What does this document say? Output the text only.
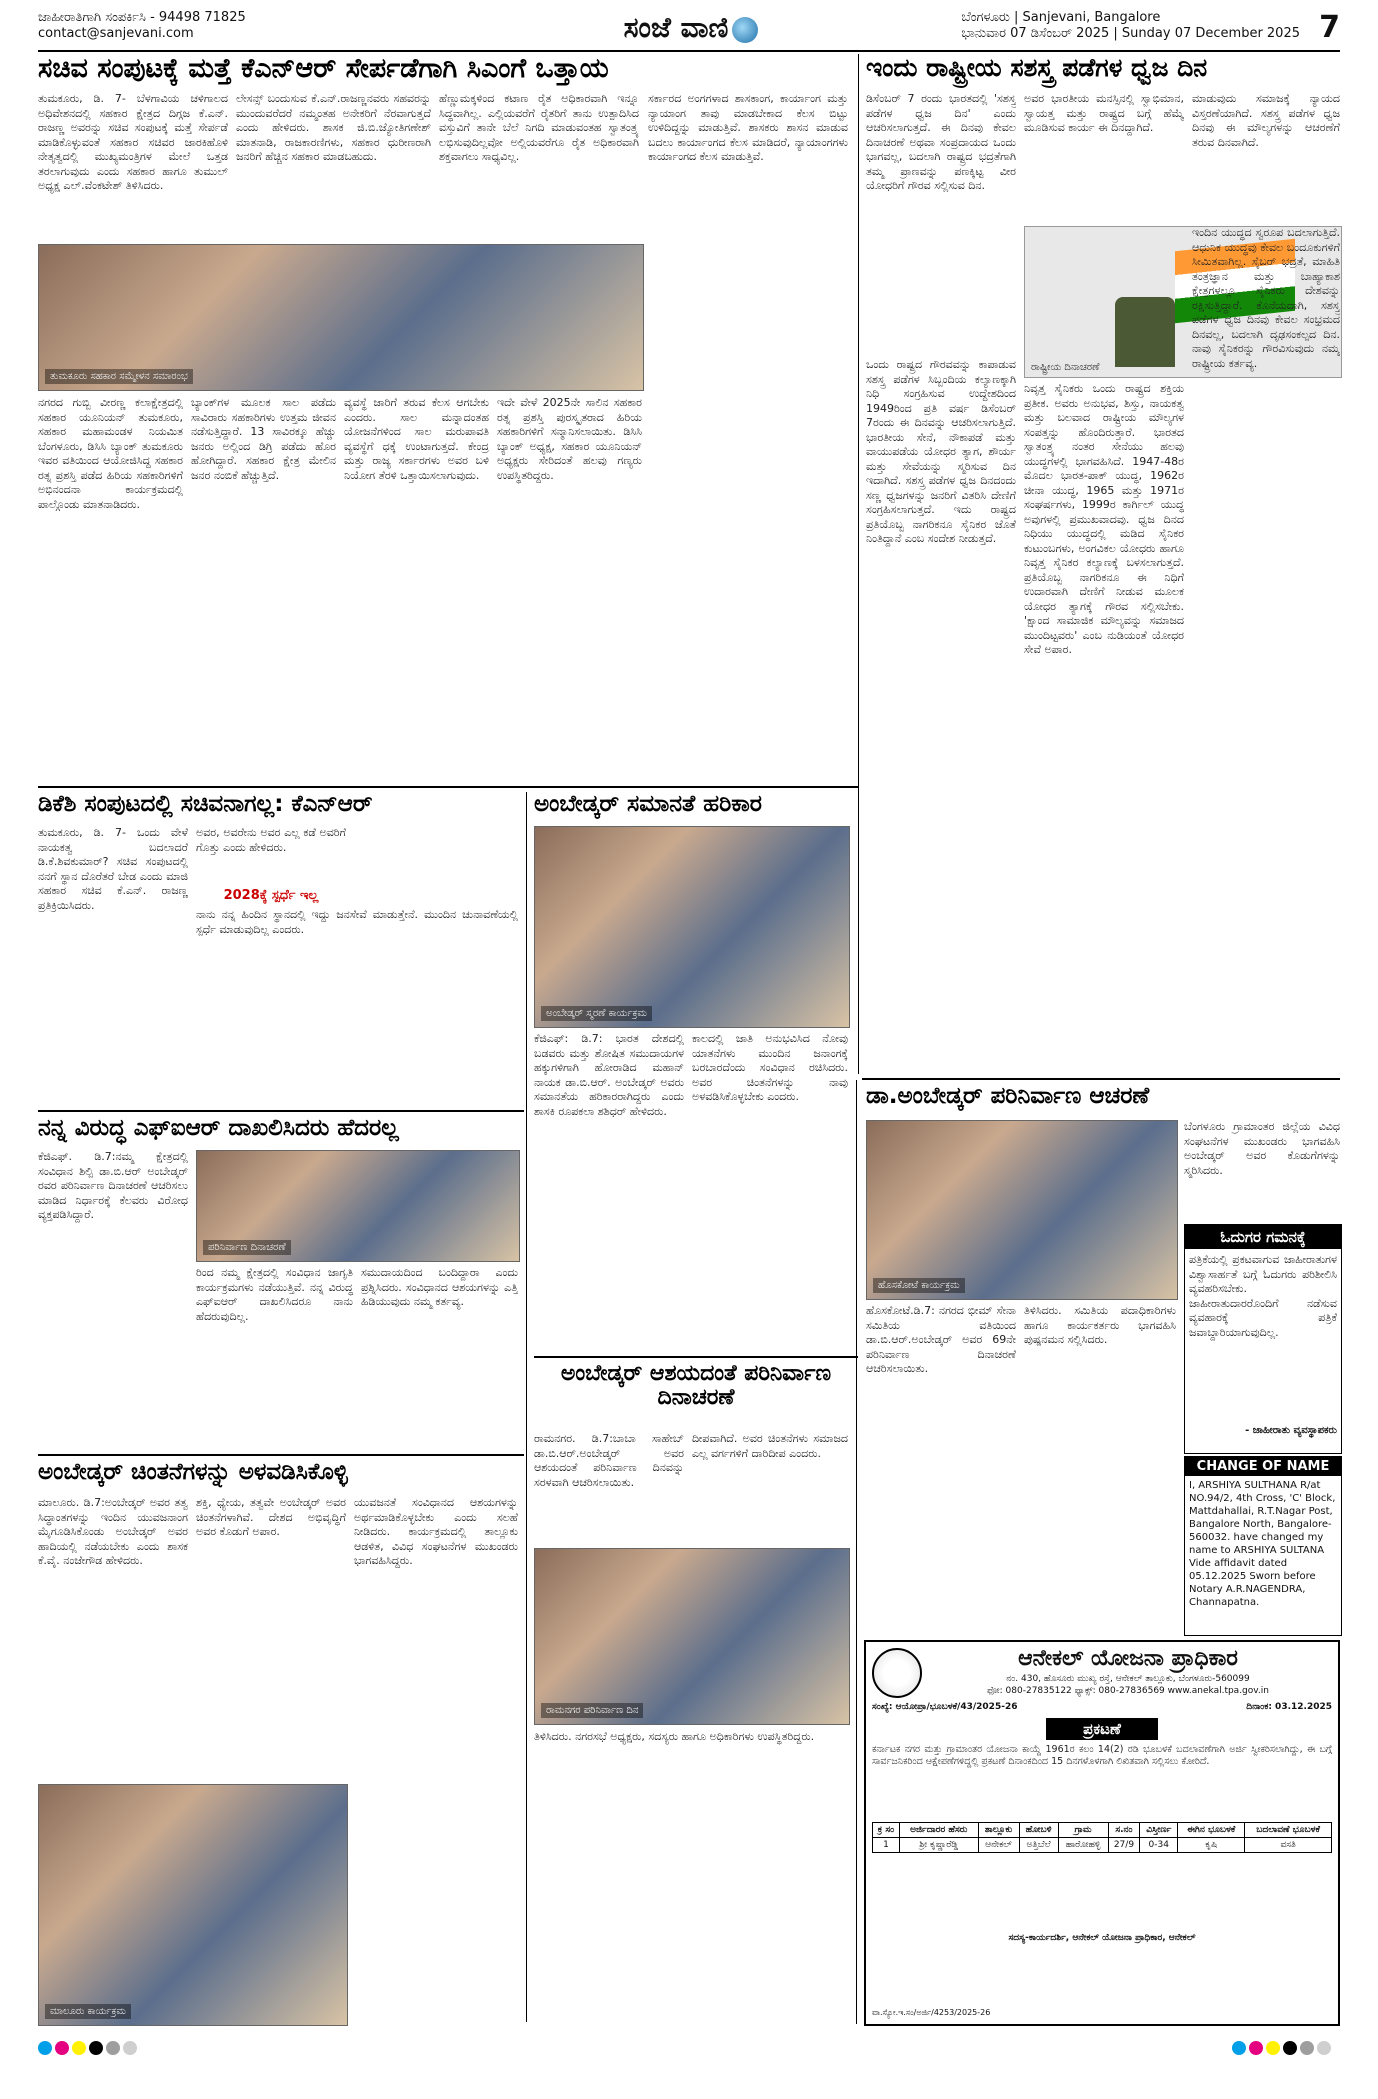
ಜಾಹೀರಾತಿಗಾಗಿ ಸಂಪರ್ಕಿಸಿ - 94498 71825
contact@sanjevani.com	ಸಂಜೆ ವಾಣಿ	ಬೆಂಗಳೂರು | Sanjevani, Bangalore
ಭಾನುವಾರ 07 ಡಿಸೆಂಬರ್ 2025 | Sunday 07 December 2025 7
ಸಚಿವ ಸಂಪುಟಕ್ಕೆ ಮತ್ತೆ ಕೆಎನ್‌ಆರ್ ಸೇರ್ಪಡೆಗಾಗಿ ಸಿಎಂಗೆ ಒತ್ತಾಯ
ತುಮಕೂರು, ಡಿ. 7- ಬೆಳಗಾವಿಯ ಚಳಿಗಾಲದ ಅಧಿವೇಶನದಲ್ಲಿ ಸಹಕಾರ ಕ್ಷೇತ್ರದ ದಿಗ್ಗಜ ಕೆ.ಎನ್. ರಾಜಣ್ಣ ಅವರನ್ನು ಸಚಿವ ಸಂಪುಟಕ್ಕೆ ಮತ್ತೆ ಸೇರ್ಪಡೆ ಮಾಡಿಕೊಳ್ಳುವಂತೆ ಸಹಕಾರ ಸಚಿವರ ಜಾರಕಿಹೊಳಿ ನೇತೃತ್ವದಲ್ಲಿ ಮುಖ್ಯಮಂತ್ರಿಗಳ ಮೇಲೆ ಒತ್ತಡ ತರಲಾಗುವುದು ಎಂದು ಸಹಕಾರ ಹಾಗೂ ತುಮುಲ್ ಅಧ್ಯಕ್ಷ ಎಲ್.ವೆಂಕಟೇಶ್ ತಿಳಿಸಿದರು.
ಲೇಸನ್ಸ್ ಬಂದುಸುವ ಕೆ.ಎನ್.ರಾಜಣ್ಣನವರು ಸಹವರನ್ನು ಮುಂದುವರೆದರೆ ನಮ್ಮಂತಹ ಅನೇಕರಿಗೆ ನೆರವಾಗುತ್ತದೆ ಎಂದು ಹೇಳಿದರು. ಶಾಸಕ ಜಿ.ಬಿ.ಜ್ಯೋತಿಗಣೇಶ್ ಮಾತನಾಡಿ, ರಾಜಕಾರಣಿಗಳು, ಸಹಕಾರ ಧುರೀಣರಾಗಿ ಜನರಿಗೆ ಹೆಚ್ಚಿನ ಸಹಕಾರ ಮಾಡಬಹುದು.
ಹೆಣ್ಣುಮಕ್ಕಳಿಂದ ಕಟಾಣ ರೈತ ಅಧಿಕಾರವಾಗಿ ಇನ್ನೂ ಸಿದ್ಧವಾಗಿಲ್ಲ. ಎಲ್ಲಿಯವರೆಗೆ ರೈತರಿಗೆ ತಾನು ಉತ್ಪಾದಿಸಿದ ವಸ್ತುವಿಗೆ ತಾನೇ ಬೆಲೆ ನಿಗದಿ ಮಾಡುವಂತಹ ಸ್ವಾತಂತ್ರ್ಯ ಲಭಿಸುವುದಿಲ್ಲವೋ ಅಲ್ಲಿಯವರೆಗೂ ರೈತ ಅಧಿಕಾರವಾಗಿ ಶಕ್ತವಾಗಲು ಸಾಧ್ಯವಿಲ್ಲ.
ಸರ್ಕಾರದ ಅಂಗಗಳಾದ ಶಾಸಕಾಂಗ, ಕಾರ್ಯಾಂಗ ಮತ್ತು ನ್ಯಾಯಾಂಗ ತಾವು ಮಾಡಬೇಕಾದ ಕೆಲಸ ಬಿಟ್ಟು ಉಳಿದಿದ್ದನ್ನು ಮಾಡುತ್ತಿವೆ. ಶಾಸಕರು ಶಾಸನ ಮಾಡುವ ಬದಲು ಕಾರ್ಯಾಂಗದ ಕೆಲಸ ಮಾಡಿದರೆ, ನ್ಯಾಯಾಂಗಗಳು ಕಾರ್ಯಾಂಗದ ಕೆಲಸ ಮಾಡುತ್ತಿವೆ.
ತುಮಕೂರು ಸಹಕಾರ ಸಮ್ಮೇಳನ ಸಮಾರಂಭ
ನಗರದ ಗುಬ್ಬಿ ವೀರಣ್ಣ ಕಲಾಕ್ಷೇತ್ರದಲ್ಲಿ ಸಹಕಾರ ಯೂನಿಯನ್ ತುಮಕೂರು, ಸಹಕಾರ ಮಹಾಮಂಡಳ ನಿಯಮಿತ ಬೆಂಗಳೂರು, ಡಿಸಿಸಿ ಬ್ಯಾಂಕ್ ತುಮಕೂರು ಇವರ ವತಿಯಿಂದ ಆಯೋಜಿಸಿದ್ದ ಸಹಕಾರ ರತ್ನ ಪ್ರಶಸ್ತಿ ಪಡೆದ ಹಿರಿಯ ಸಹಕಾರಿಗಳಿಗೆ ಅಭಿನಂದನಾ ಕಾರ್ಯಕ್ರಮದಲ್ಲಿ ಪಾಲ್ಗೊಂಡು ಮಾತನಾಡಿದರು.
ಬ್ಯಾಂಕ್‌ಗಳ ಮೂಲಕ ಸಾಲ ಪಡೆದು ಸಾವಿರಾರು ಸಹಕಾರಿಗಳು ಉತ್ತಮ ಜೀವನ ನಡೆಸುತ್ತಿದ್ದಾರೆ. 13 ಸಾವಿರಕ್ಕೂ ಹೆಚ್ಚು ಜನರು ಅಲ್ಲಿಂದ ಡಿಗ್ರಿ ಪಡೆದು ಹೊರ ಹೋಗಿದ್ದಾರೆ. ಸಹಕಾರ ಕ್ಷೇತ್ರ ಮೇಲಿನ ಜನರ ನಂಬಿಕೆ ಹೆಚ್ಚುತ್ತಿದೆ.
ವ್ಯವಸ್ಥೆ ಜಾರಿಗೆ ತರುವ ಕೆಲಸ ಆಗಬೇಕು ಎಂದರು. ಸಾಲ ಮನ್ನಾದಂತಹ ಯೋಜನೆಗಳಿಂದ ಸಾಲ ಮರುಪಾವತಿ ವ್ಯವಸ್ಥೆಗೆ ಧಕ್ಕೆ ಉಂಟಾಗುತ್ತದೆ. ಕೇಂದ್ರ ಮತ್ತು ರಾಜ್ಯ ಸರ್ಕಾರಗಳು ಅವರ ಬಳಿ ನಿಯೋಗ ತೆರಳಿ ಒತ್ತಾಯಿಸಲಾಗುವುದು.
ಇದೇ ವೇಳೆ 2025ನೇ ಸಾಲಿನ ಸಹಕಾರ ರತ್ನ ಪ್ರಶಸ್ತಿ ಪುರಸ್ಕೃತರಾದ ಹಿರಿಯ ಸಹಕಾರಿಗಳಿಗೆ ಸನ್ಮಾನಿಸಲಾಯಿತು. ಡಿಸಿಸಿ ಬ್ಯಾಂಕ್ ಅಧ್ಯಕ್ಷ, ಸಹಕಾರ ಯೂನಿಯನ್ ಅಧ್ಯಕ್ಷರು ಸೇರಿದಂತೆ ಹಲವು ಗಣ್ಯರು ಉಪಸ್ಥಿತರಿದ್ದರು.
ಇಂದು ರಾಷ್ಟ್ರೀಯ ಸಶಸ್ತ್ರ ಪಡೆಗಳ ಧ್ವಜ ದಿನ
ಡಿಸೆಂಬರ್ 7 ರಂದು ಭಾರತದಲ್ಲಿ 'ಸಶಸ್ತ್ರ ಪಡೆಗಳ ಧ್ವಜ ದಿನ' ಎಂದು ಆಚರಿಸಲಾಗುತ್ತದೆ. ಈ ದಿನವು ಕೇವಲ ದಿನಾಚರಣೆ ಅಥವಾ ಸಂಪ್ರದಾಯದ ಒಂದು ಭಾಗವಲ್ಲ, ಬದಲಾಗಿ ರಾಷ್ಟ್ರದ ಭದ್ರತೆಗಾಗಿ ತಮ್ಮ ಪ್ರಾಣವನ್ನು ಪಣಕ್ಕಿಟ್ಟ ವೀರ ಯೋಧರಿಗೆ ಗೌರವ ಸಲ್ಲಿಸುವ ದಿನ.
ಅವರ ಭಾರತೀಯ ಮನಸ್ಸಿನಲ್ಲಿ ಸ್ವಾಭಿಮಾನ, ಸ್ವಾಯತ್ತ ಮತ್ತು ರಾಷ್ಟ್ರದ ಬಗ್ಗೆ ಹೆಮ್ಮೆ ಮೂಡಿಸುವ ಕಾರ್ಯ ಈ ದಿನದ್ದಾಗಿದೆ.
ಮಾಡುವುದು ಸಮಾಜಕ್ಕೆ ನ್ಯಾಯದ ವಿಸ್ತರಣೆಯಾಗಿದೆ. ಸಶಸ್ತ್ರ ಪಡೆಗಳ ಧ್ವಜ ದಿನವು ಈ ಮೌಲ್ಯಗಳನ್ನು ಆಚರಣೆಗೆ ತರುವ ದಿನವಾಗಿದೆ.
ರಾಷ್ಟ್ರೀಯ ದಿನಾಚರಣೆ
ಒಂದು ರಾಷ್ಟ್ರದ ಗೌರವವನ್ನು ಕಾಪಾಡುವ ಸಶಸ್ತ್ರ ಪಡೆಗಳ ಸಿಬ್ಬಂದಿಯ ಕಲ್ಯಾಣಕ್ಕಾಗಿ ನಿಧಿ ಸಂಗ್ರಹಿಸುವ ಉದ್ದೇಶದಿಂದ 1949ರಿಂದ ಪ್ರತಿ ವರ್ಷ ಡಿಸೆಂಬರ್ 7ರಂದು ಈ ದಿನವನ್ನು ಆಚರಿಸಲಾಗುತ್ತಿದೆ. ಭಾರತೀಯ ಸೇನೆ, ನೌಕಾಪಡೆ ಮತ್ತು ವಾಯುಪಡೆಯ ಯೋಧರ ತ್ಯಾಗ, ಶೌರ್ಯ ಮತ್ತು ಸೇವೆಯನ್ನು ಸ್ಮರಿಸುವ ದಿನ ಇದಾಗಿದೆ. ಸಶಸ್ತ್ರ ಪಡೆಗಳ ಧ್ವಜ ದಿನದಂದು ಸಣ್ಣ ಧ್ವಜಗಳನ್ನು ಜನರಿಗೆ ವಿತರಿಸಿ ದೇಣಿಗೆ ಸಂಗ್ರಹಿಸಲಾಗುತ್ತದೆ. ಇದು ರಾಷ್ಟ್ರದ ಪ್ರತಿಯೊಬ್ಬ ನಾಗರಿಕನೂ ಸೈನಿಕರ ಜೊತೆ ನಿಂತಿದ್ದಾನೆ ಎಂಬ ಸಂದೇಶ ನೀಡುತ್ತದೆ.
ನಿವೃತ್ತ ಸೈನಿಕರು ಒಂದು ರಾಷ್ಟ್ರದ ಶಕ್ತಿಯ ಪ್ರತೀಕ. ಅವರು ಅನುಭವ, ಶಿಸ್ತು, ನಾಯಕತ್ವ ಮತ್ತು ಬಲವಾದ ರಾಷ್ಟ್ರೀಯ ಮೌಲ್ಯಗಳ ಸಂಪತ್ತನ್ನು ಹೊಂದಿರುತ್ತಾರೆ. ಭಾರತದ ಸ್ವಾತಂತ್ರ್ಯ ನಂತರ ಸೇನೆಯು ಹಲವು ಯುದ್ಧಗಳಲ್ಲಿ ಭಾಗವಹಿಸಿದೆ. 1947-48ರ ಮೊದಲ ಭಾರತ-ಪಾಕ್ ಯುದ್ಧ, 1962ರ ಚೀನಾ ಯುದ್ಧ, 1965 ಮತ್ತು 1971ರ ಸಂಘರ್ಷಗಳು, 1999ರ ಕಾರ್ಗಿಲ್ ಯುದ್ಧ ಅವುಗಳಲ್ಲಿ ಪ್ರಮುಖವಾದವು. ಧ್ವಜ ದಿನದ ನಿಧಿಯು ಯುದ್ಧದಲ್ಲಿ ಮಡಿದ ಸೈನಿಕರ ಕುಟುಂಬಗಳು, ಅಂಗವಿಕಲ ಯೋಧರು ಹಾಗೂ ನಿವೃತ್ತ ಸೈನಿಕರ ಕಲ್ಯಾಣಕ್ಕೆ ಬಳಸಲಾಗುತ್ತದೆ. ಪ್ರತಿಯೊಬ್ಬ ನಾಗರಿಕನೂ ಈ ನಿಧಿಗೆ ಉದಾರವಾಗಿ ದೇಣಿಗೆ ನೀಡುವ ಮೂಲಕ ಯೋಧರ ತ್ಯಾಗಕ್ಕೆ ಗೌರವ ಸಲ್ಲಿಸಬೇಕು. 'ಕ್ಷಾಂದ ಸಾಮಾಜಿಕ ಮೌಲ್ಯವನ್ನು ಸಮಾಜದ ಮುಂದಿಟ್ಟವರು' ಎಂಬ ನುಡಿಯಂತೆ ಯೋಧರ ಸೇವೆ ಅಪಾರ.
ಇಂದಿನ ಯುದ್ಧದ ಸ್ವರೂಪ ಬದಲಾಗುತ್ತಿದೆ. ಆಧುನಿಕ ಯುದ್ಧವು ಕೇವಲ ಬಂದೂಕುಗಳಿಗೆ ಸೀಮಿತವಾಗಿಲ್ಲ. ಸೈಬರ್ ಭದ್ರತೆ, ಮಾಹಿತಿ ತಂತ್ರಜ್ಞಾನ ಮತ್ತು ಬಾಹ್ಯಾಕಾಶ ಕ್ಷೇತ್ರಗಳಲ್ಲೂ ಸೈನಿಕರು ದೇಶವನ್ನು ರಕ್ಷಿಸುತ್ತಿದ್ದಾರೆ. ಕೊನೆಯದಾಗಿ, ಸಶಸ್ತ್ರ ಪಡೆಗಳ ಧ್ವಜ ದಿನವು ಕೇವಲ ಸಂಭ್ರಮದ ದಿನವಲ್ಲ, ಬದಲಾಗಿ ದೃಢಸಂಕಲ್ಪದ ದಿನ. ನಾವು ಸೈನಿಕರನ್ನು ಗೌರವಿಸುವುದು ನಮ್ಮ ರಾಷ್ಟ್ರೀಯ ಕರ್ತವ್ಯ.
ಡಿಕೆಶಿ ಸಂಪುಟದಲ್ಲಿ ಸಚಿವನಾಗಲ್ಲ: ಕೆಎನ್‌ಆರ್
ತುಮಕೂರು, ಡಿ. 7- ಒಂದು ವೇಳೆ ನಾಯಕತ್ವ ಬದಲಾದರೆ ಡಿ.ಕೆ.ಶಿವಕುಮಾರ್? ಸಚಿವ ಸಂಪುಟದಲ್ಲಿ ನನಗೆ ಸ್ಥಾನ ದೊರೆತರೆ ಬೇಡ ಎಂದು ಮಾಜಿ ಸಹಕಾರ ಸಚಿವ ಕೆ.ಎನ್. ರಾಜಣ್ಣ ಪ್ರತಿಕ್ರಿಯಿಸಿದರು.
ಅವರ, ಅವರೇನು ಅವರ ಎಲ್ಲ ಕಡೆ ಅವರಿಗೆ ಗೊತ್ತು ಎಂದು ಹೇಳಿದರು.
2028ಕ್ಕೆ ಸ್ಪರ್ಧೆ ಇಲ್ಲ
ನಾನು ನನ್ನ ಹಿಂದಿನ ಸ್ಥಾನದಲ್ಲಿ ಇದ್ದು ಜನಸೇವೆ ಮಾಡುತ್ತೇನೆ. ಮುಂದಿನ ಚುನಾವಣೆಯಲ್ಲಿ ಸ್ಪರ್ಧೆ ಮಾಡುವುದಿಲ್ಲ ಎಂದರು.
ಅಂಬೇಡ್ಕರ್ ಸಮಾನತೆ ಹರಿಕಾರ
ಅಂಬೇಡ್ಕರ್ ಸ್ಮರಣೆ ಕಾರ್ಯಕ್ರಮ
ಕೆಜಿಎಫ್: ಡಿ.7: ಭಾರತ ದೇಶದಲ್ಲಿ ಬಡವರು ಮತ್ತು ಶೋಷಿತ ಸಮುದಾಯಗಳ ಹಕ್ಕುಗಳಿಗಾಗಿ ಹೋರಾಡಿದ ಮಹಾನ್ ನಾಯಕ ಡಾ.ಬಿ.ಆರ್. ಅಂಬೇಡ್ಕರ್ ಅವರು ಸಮಾನತೆಯ ಹರಿಕಾರರಾಗಿದ್ದರು ಎಂದು ಶಾಸಕಿ ರೂಪಕಲಾ ಶಶಿಧರ್ ಹೇಳಿದರು.
ಕಾಲದಲ್ಲಿ ಜಾತಿ ಅನುಭವಿಸಿದ ನೋವು ಯಾತನೆಗಳು ಮುಂದಿನ ಜನಾಂಗಕ್ಕೆ ಬರಬಾರದೆಂದು ಸಂವಿಧಾನ ರಚಿಸಿದರು. ಅವರ ಚಿಂತನೆಗಳನ್ನು ನಾವು ಅಳವಡಿಸಿಕೊಳ್ಳಬೇಕು ಎಂದರು.
ನನ್ನ ವಿರುದ್ಧ ಎಫ್‌ಐಆರ್ ದಾಖಲಿಸಿದರು ಹೆದರಲ್ಲ
ಕೆಜಿಎಫ್. ಡಿ.7:ನಮ್ಮ ಕ್ಷೇತ್ರದಲ್ಲಿ ಸಂವಿಧಾನ ಶಿಲ್ಪಿ ಡಾ.ಬಿ.ಆರ್ ಅಂಬೇಡ್ಕರ್ ರವರ ಪರಿನಿರ್ವಾಣ ದಿನಾಚರಣೆ ಆಚರಿಸಲು ಮಾಡಿದ ನಿರ್ಧಾರಕ್ಕೆ ಕೆಲವರು ವಿರೋಧ ವ್ಯಕ್ತಪಡಿಸಿದ್ದಾರೆ.
ಪರಿನಿರ್ವಾಣ ದಿನಾಚರಣೆ
ರಿಂದ ನಮ್ಮ ಕ್ಷೇತ್ರದಲ್ಲಿ ಸಂವಿಧಾನ ಜಾಗೃತಿ ಕಾರ್ಯಕ್ರಮಗಳು ನಡೆಯುತ್ತಿವೆ. ನನ್ನ ವಿರುದ್ಧ ಎಫ್‌ಐಆರ್ ದಾಖಲಿಸಿದರೂ ನಾನು ಹೆದರುವುದಿಲ್ಲ.
ಸಮುದಾಯದಿಂದ ಬಂದಿದ್ದಾರಾ ಎಂದು ಪ್ರಶ್ನಿಸಿದರು. ಸಂವಿಧಾನದ ಆಶಯಗಳನ್ನು ಎತ್ತಿ ಹಿಡಿಯುವುದು ನಮ್ಮ ಕರ್ತವ್ಯ.
ಅಂಬೇಡ್ಕರ್ ಚಿಂತನೆಗಳನ್ನು ಅಳವಡಿಸಿಕೊಳ್ಳಿ
ಮಾಲೂರು. ಡಿ.7:ಅಂಬೇಡ್ಕರ್ ಅವರ ತತ್ವ ಸಿದ್ಧಾಂತಗಳನ್ನು ಇಂದಿನ ಯುವಜನಾಂಗ ಮೈಗೂಡಿಸಿಕೊಂಡು ಅಂಬೇಡ್ಕರ್ ಅವರ ಹಾದಿಯಲ್ಲಿ ನಡೆಯಬೇಕು ಎಂದು ಶಾಸಕ ಕೆ.ವೈ. ನಂಜೇಗೌಡ ಹೇಳಿದರು.
ಶಕ್ತಿ, ಧ್ಯೇಯ, ತತ್ವವೇ ಅಂಬೇಡ್ಕರ್ ಅವರ ಚಿಂತನೆಗಳಾಗಿವೆ. ದೇಶದ ಅಭಿವೃದ್ಧಿಗೆ ಅವರ ಕೊಡುಗೆ ಅಪಾರ.
ಯುವಜನತೆ ಸಂವಿಧಾನದ ಆಶಯಗಳನ್ನು ಅರ್ಥಮಾಡಿಕೊಳ್ಳಬೇಕು ಎಂದು ಸಲಹೆ ನೀಡಿದರು. ಕಾರ್ಯಕ್ರಮದಲ್ಲಿ ತಾಲ್ಲೂಕು ಆಡಳಿತ, ವಿವಿಧ ಸಂಘಟನೆಗಳ ಮುಖಂಡರು ಭಾಗವಹಿಸಿದ್ದರು.
ಮಾಲೂರು ಕಾರ್ಯಕ್ರಮ
ಅಂಬೇಡ್ಕರ್ ಆಶಯದಂತೆ ಪರಿನಿರ್ವಾಣ ದಿನಾಚರಣೆ
ರಾಮನಗರ. ಡಿ.7:ಬಾಬಾ ಸಾಹೇಬ್ ಡಾ.ಬಿ.ಆರ್.ಅಂಬೇಡ್ಕರ್ ಅವರ ಆಶಯದಂತೆ ಪರಿನಿರ್ವಾಣ ದಿನವನ್ನು ಸರಳವಾಗಿ ಆಚರಿಸಲಾಯಿತು.
ದೀಪವಾಗಿದೆ. ಅವರ ಚಿಂತನೆಗಳು ಸಮಾಜದ ಎಲ್ಲ ವರ್ಗಗಳಿಗೆ ದಾರಿದೀಪ ಎಂದರು.
ರಾಮನಗರ ಪರಿನಿರ್ವಾಣ ದಿನ
ತಿಳಿಸಿದರು. ನಗರಸಭೆ ಅಧ್ಯಕ್ಷರು, ಸದಸ್ಯರು ಹಾಗೂ ಅಧಿಕಾರಿಗಳು ಉಪಸ್ಥಿತರಿದ್ದರು.
ಡಾ.ಅಂಬೇಡ್ಕರ್ ಪರಿನಿರ್ವಾಣ ಆಚರಣೆ
ಹೊಸಕೋಟೆ ಕಾರ್ಯಕ್ರಮ
ಬೆಂಗಳೂರು ಗ್ರಾಮಾಂತರ ಜಿಲ್ಲೆಯ ವಿವಿಧ ಸಂಘಟನೆಗಳ ಮುಖಂಡರು ಭಾಗವಹಿಸಿ ಅಂಬೇಡ್ಕರ್ ಅವರ ಕೊಡುಗೆಗಳನ್ನು ಸ್ಮರಿಸಿದರು.
ಹೊಸಕೋಟೆ.ಡಿ.7: ನಗರದ ಭೀಮ್ ಸೇನಾ ಸಮಿತಿಯ ವತಿಯಿಂದ ಡಾ.ಬಿ.ಆರ್.ಅಂಬೇಡ್ಕರ್ ಅವರ 69ನೇ ಪರಿನಿರ್ವಾಣ ದಿನಾಚರಣೆ ಆಚರಿಸಲಾಯಿತು.
ತಿಳಿಸಿದರು. ಸಮಿತಿಯ ಪದಾಧಿಕಾರಿಗಳು ಹಾಗೂ ಕಾರ್ಯಕರ್ತರು ಭಾಗವಹಿಸಿ ಪುಷ್ಪನಮನ ಸಲ್ಲಿಸಿದರು.
ಓದುಗರ ಗಮನಕ್ಕೆ
ಪತ್ರಿಕೆಯಲ್ಲಿ ಪ್ರಕಟವಾಗುವ ಜಾಹೀರಾತುಗಳ ವಿಶ್ವಾಸಾರ್ಹತೆ ಬಗ್ಗೆ ಓದುಗರು ಪರಿಶೀಲಿಸಿ ವ್ಯವಹರಿಸಬೇಕು. ಜಾಹೀರಾತುದಾರರೊಂದಿಗೆ ನಡೆಸುವ ವ್ಯವಹಾರಕ್ಕೆ ಪತ್ರಿಕೆ ಜವಾಬ್ದಾರಿಯಾಗುವುದಿಲ್ಲ.
- ಜಾಹೀರಾತು ವ್ಯವಸ್ಥಾಪಕರು
CHANGE OF NAME
I, ARSHIYA SULTHANA R/at NO.94/2, 4th Cross, 'C' Block, Mattdahallai, R.T.Nagar Post, Bangalore North, Bangalore-560032. have changed my name to ARSHIYA SULTANA Vide affidavit dated 05.12.2025 Sworn before Notary A.R.NAGENDRA, Channapatna.
ಆನೇಕಲ್ ಯೋಜನಾ ಪ್ರಾಧಿಕಾರ
ನಂ. 430, ಹೊಸೂರು ಮುಖ್ಯ ರಸ್ತೆ, ಆನೇಕಲ್ ತಾಲ್ಲೂಕು, ಬೆಂಗಳೂರು-560099
ಫೋ: 080-27835122 ಫ್ಯಾಕ್ಸ್: 080-27836569 www.anekal.tpa.gov.in
ಸಂಖ್ಯೆ: ಆಯೋಪ್ರಾ/ಭೂಬಳಕೆ/43/2025-26	ದಿನಾಂಕ: 03.12.2025
ಪ್ರಕಟಣೆ
ಕರ್ನಾಟಕ ನಗರ ಮತ್ತು ಗ್ರಾಮಾಂತರ ಯೋಜನಾ ಕಾಯ್ದೆ 1961ರ ಕಲಂ 14(2) ರಡಿ ಭೂಬಳಕೆ ಬದಲಾವಣೆಗಾಗಿ ಅರ್ಜಿ ಸ್ವೀಕರಿಸಲಾಗಿದ್ದು, ಈ ಬಗ್ಗೆ ಸಾರ್ವಜನಿಕರಿಂದ ಆಕ್ಷೇಪಣೆಗಳಿದ್ದಲ್ಲಿ ಪ್ರಕಟಣೆ ದಿನಾಂಕದಿಂದ 15 ದಿನಗಳೊಳಗಾಗಿ ಲಿಖಿತವಾಗಿ ಸಲ್ಲಿಸಲು ಕೋರಿದೆ.
ಕ್ರ ಸಂ	ಅರ್ಜಿದಾರರ ಹೆಸರು	ತಾಲ್ಲೂಕು	ಹೋಬಳಿ	ಗ್ರಾಮ	ಸ.ನಂ	ವಿಸ್ತೀರ್ಣ	ಈಗಿನ ಭೂಬಳಕೆ	ಬದಲಾವಣೆ ಭೂಬಳಕೆ
1	ಶ್ರೀ ಕೃಷ್ಣಾರೆಡ್ಡಿ	ಆನೇಕಲ್	ಅತ್ತಿಬೆಲೆ	ಹಾರೋಹಳ್ಳಿ	27/9	0-34	ಕೃಷಿ	ವಸತಿ
ಸದಸ್ಯ-ಕಾರ್ಯದರ್ಶಿ, ಆನೇಕಲ್ ಯೋಜನಾ ಪ್ರಾಧಿಕಾರ, ಆನೇಕಲ್
ವಾ.ಸ್ಯೋ.ಇ.ಸಂ/ಅರ್ಜಿ/4253/2025-26
